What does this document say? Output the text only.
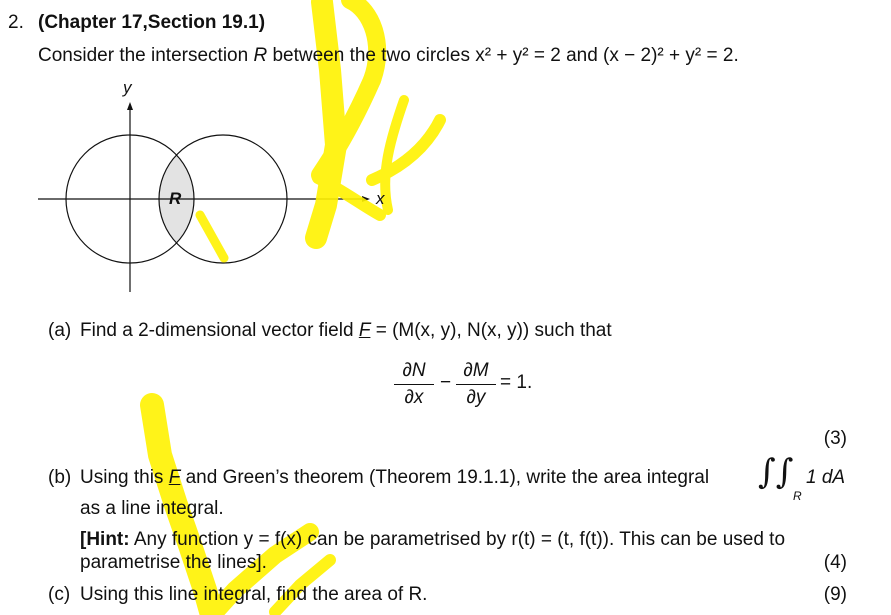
2. (Chapter 17,Section 19.1)
Consider the intersection R between the two circles x² + y² = 2 and (x − 2)² + y² = 2.
y
x
R
(a) Find a 2-dimensional vector field F = (M(x, y), N(x, y)) such that
∂N
∂x
−
∂M
∂y
= 1.
(3)
(b) Using this F and Green’s theorem (Theorem 19.1.1), write the area integral ∫∫
R
1 dA
as a line integral.
[Hint: Any function y = f(x) can be parametrised by r(t) = (t, f(t)). This can be used to
parametrise the lines].	(4)
(c) Using this line integral, find the area of R.	(9)
